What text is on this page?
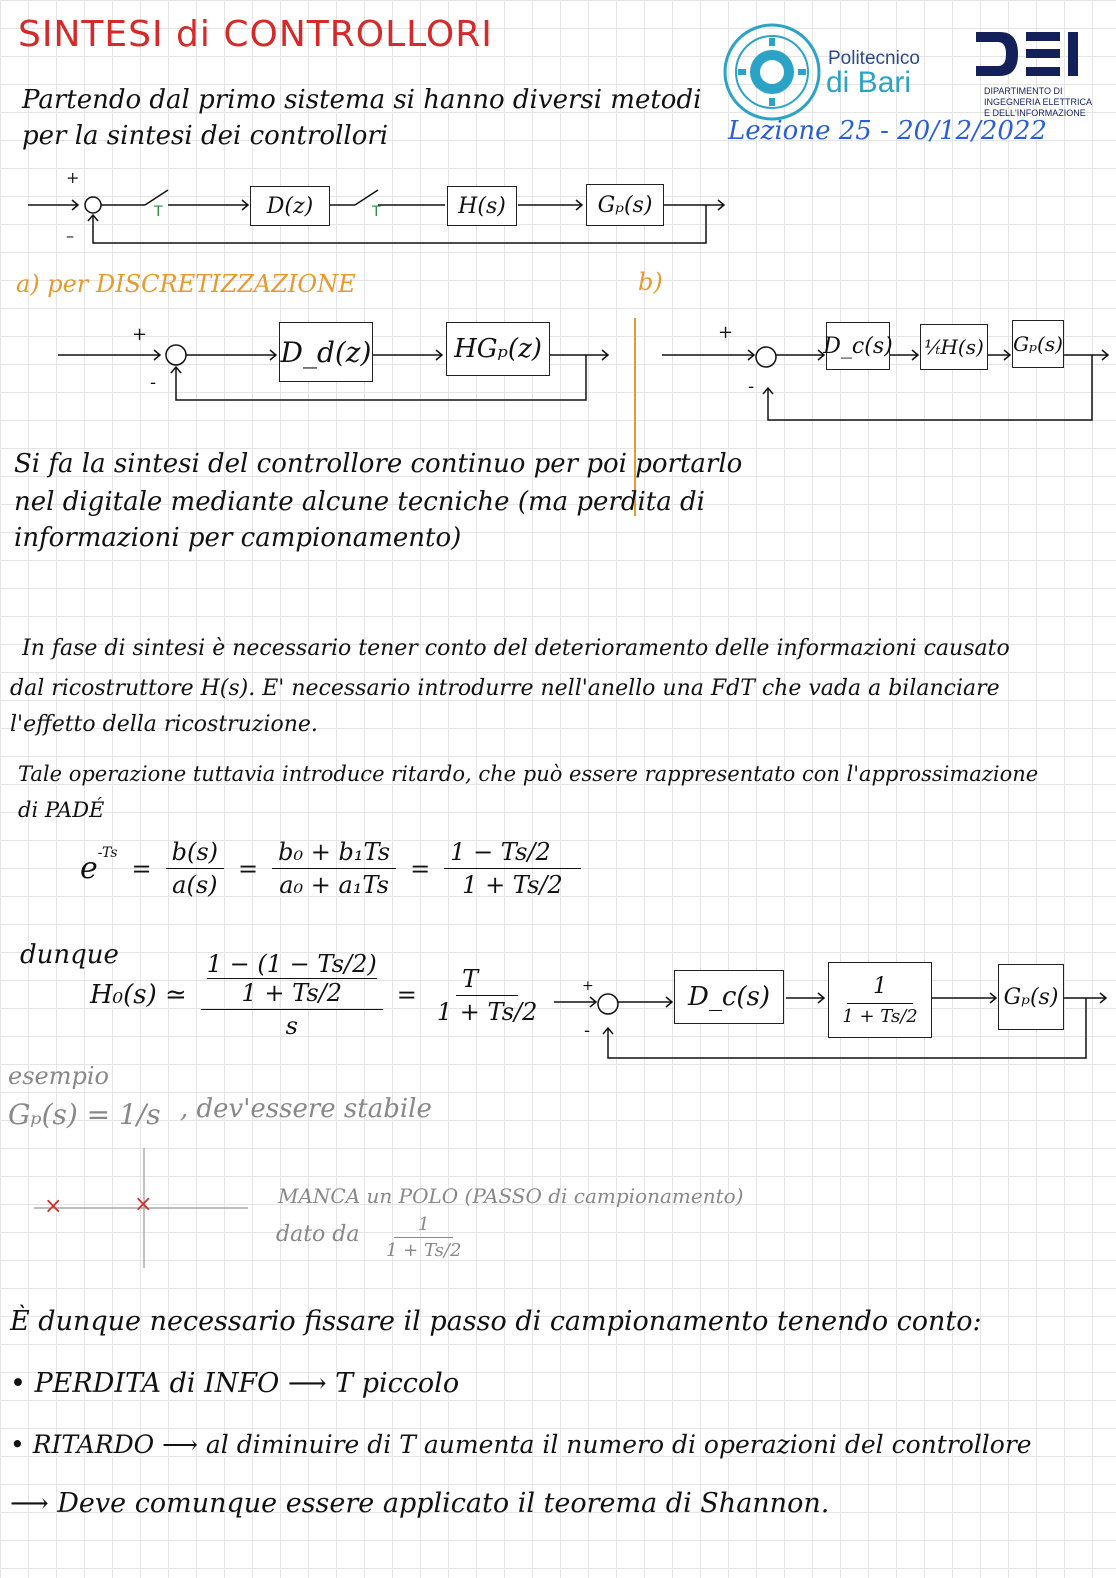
SINTESI di CONTROLLORI
Politecnico
di Bari	DIPARTIMENTO DI
INGEGNERIA ELETTRICA
E DELL'INFORMAZIONE
Lezione 25 - 20/12/2022
Partendo dal primo sistema si hanno diversi metodi
per la sintesi dei controllori
+
–
T	T
D(z)	H(s)	Gₚ(s)
a) per DISCRETIZZAZIONE
+
-
D_d(z)	HGₚ(z)
b)
+
-
D_c(s) ¹⁄ₜH(s) Gₚ(s)
Si fa la sintesi del controllore continuo per poi portarlo
nel digitale mediante alcune tecniche (ma perdita di
informazioni per campionamento)
In fase di sintesi è necessario tener conto del deterioramento delle informazioni causato
dal ricostruttore H(s). E' necessario introdurre nell'anello una FdT che vada a bilanciare
l'effetto della ricostruzione.
Tale operazione tuttavia introduce ritardo, che può essere rappresentato con l'approssimazione
di PADÉ
$e^{-Ts}$
= $\frac{b(s)}{a(s)} = \frac{\text{b₀ + b₁Ts}}{\text{a₀ + a₁Ts}} = \frac{1 - Ts/2}{1 + Ts/2}$
dunque
H₀(s) ≃ 1 − (1 − Ts/2)
1 + Ts/2
$s = \frac{T}{1 + Ts/2}$	+
-
D_c(s)	$\frac{1}{1 + Ts/2}$	Gₚ(s)
esempio
Gₚ(s) = 1/s , dev'essere stabile
×	×	MANCA un POLO (PASSO di campionamento)
dato da $\frac{1}{1 + Ts/2}$
È dunque necessario fissare il passo di campionamento tenendo conto:
• PERDITA di INFO ⟶ T piccolo
• RITARDO ⟶ al diminuire di T aumenta il numero di operazioni del controllore
⟶ Deve comunque essere applicato il teorema di Shannon.
